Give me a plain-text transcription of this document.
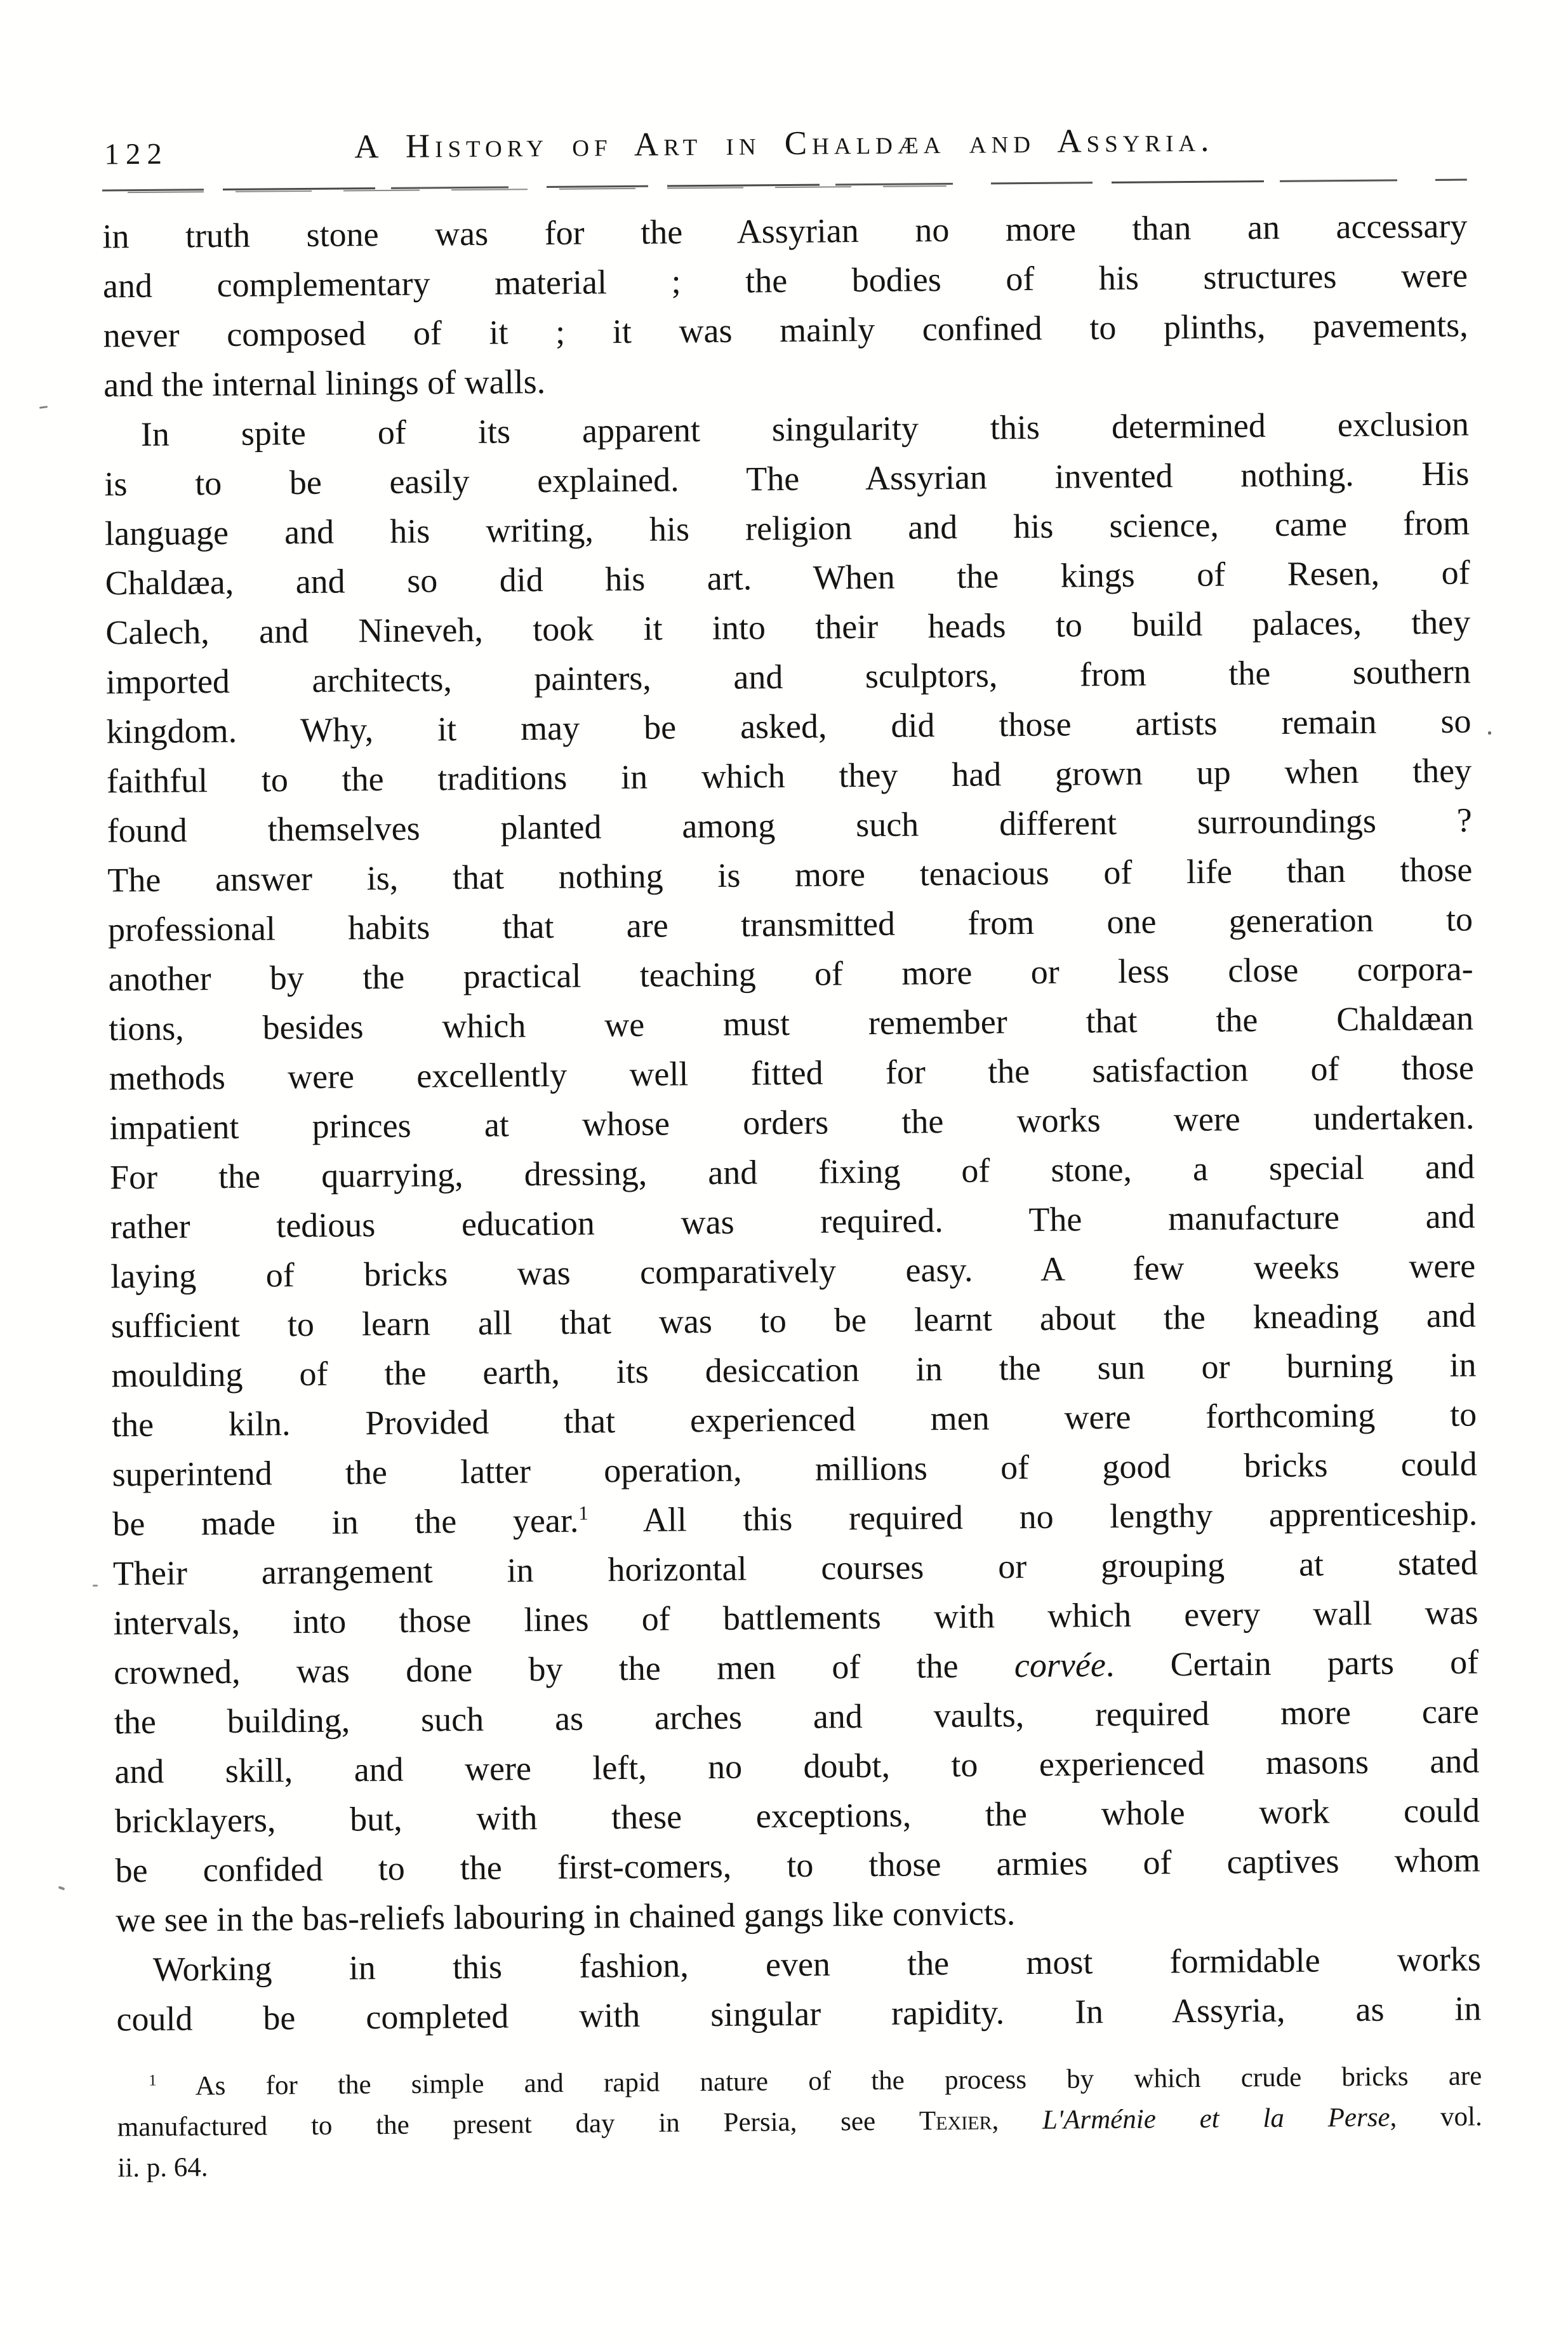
122	A History of Art in Chaldæa and Assyria.

in truth stone was for the Assyrian no more than an accessary
and complementary material ; the bodies of his structures were
never composed of it ; it was mainly confined to plinths, pavements,
and the internal linings of walls.

In spite of its apparent singularity this determined exclusion
is to be easily explained. The Assyrian invented nothing. His
language and his writing, his religion and his science, came from
Chaldæa, and so did his art. When the kings of Resen, of
Calech, and Nineveh, took it into their heads to build palaces, they
imported architects, painters, and sculptors, from the southern
kingdom. Why, it may be asked, did those artists remain so
faithful to the traditions in which they had grown up when they
found themselves planted among such different surroundings ?
The answer is, that nothing is more tenacious of life than those
professional habits that are transmitted from one generation to
another by the practical teaching of more or less close corpora-
tions, besides which we must remember that the Chaldæan
methods were excellently well fitted for the satisfaction of those
impatient princes at whose orders the works were undertaken.
For the quarrying, dressing, and fixing of stone, a special and
rather tedious education was required. The manufacture and
laying of bricks was comparatively easy. A few weeks were
sufficient to learn all that was to be learnt about the kneading and
moulding of the earth, its desiccation in the sun or burning in
the kiln. Provided that experienced men were forthcoming to
superintend the latter operation, millions of good bricks could
be made in the year.$^1$ All this required no lengthy apprenticeship.
Their arrangement in horizontal courses or grouping at stated
intervals, into those lines of battlements with which every wall was
crowned, was done by the men of the corvée. Certain parts of
the building, such as arches and vaults, required more care
and skill, and were left, no doubt, to experienced masons and
bricklayers, but, with these exceptions, the whole work could
be confided to the first-comers, to those armies of captives whom
we see in the bas-reliefs labouring in chained gangs like convicts.

Working in this fashion, even the most formidable works
could be completed with singular rapidity. In Assyria, as in

$^1$ As for the simple and rapid nature of the process by which crude bricks are
manufactured to the present day in Persia, see Texier, L'Arménie et la Perse, vol.
ii. p. 64.
